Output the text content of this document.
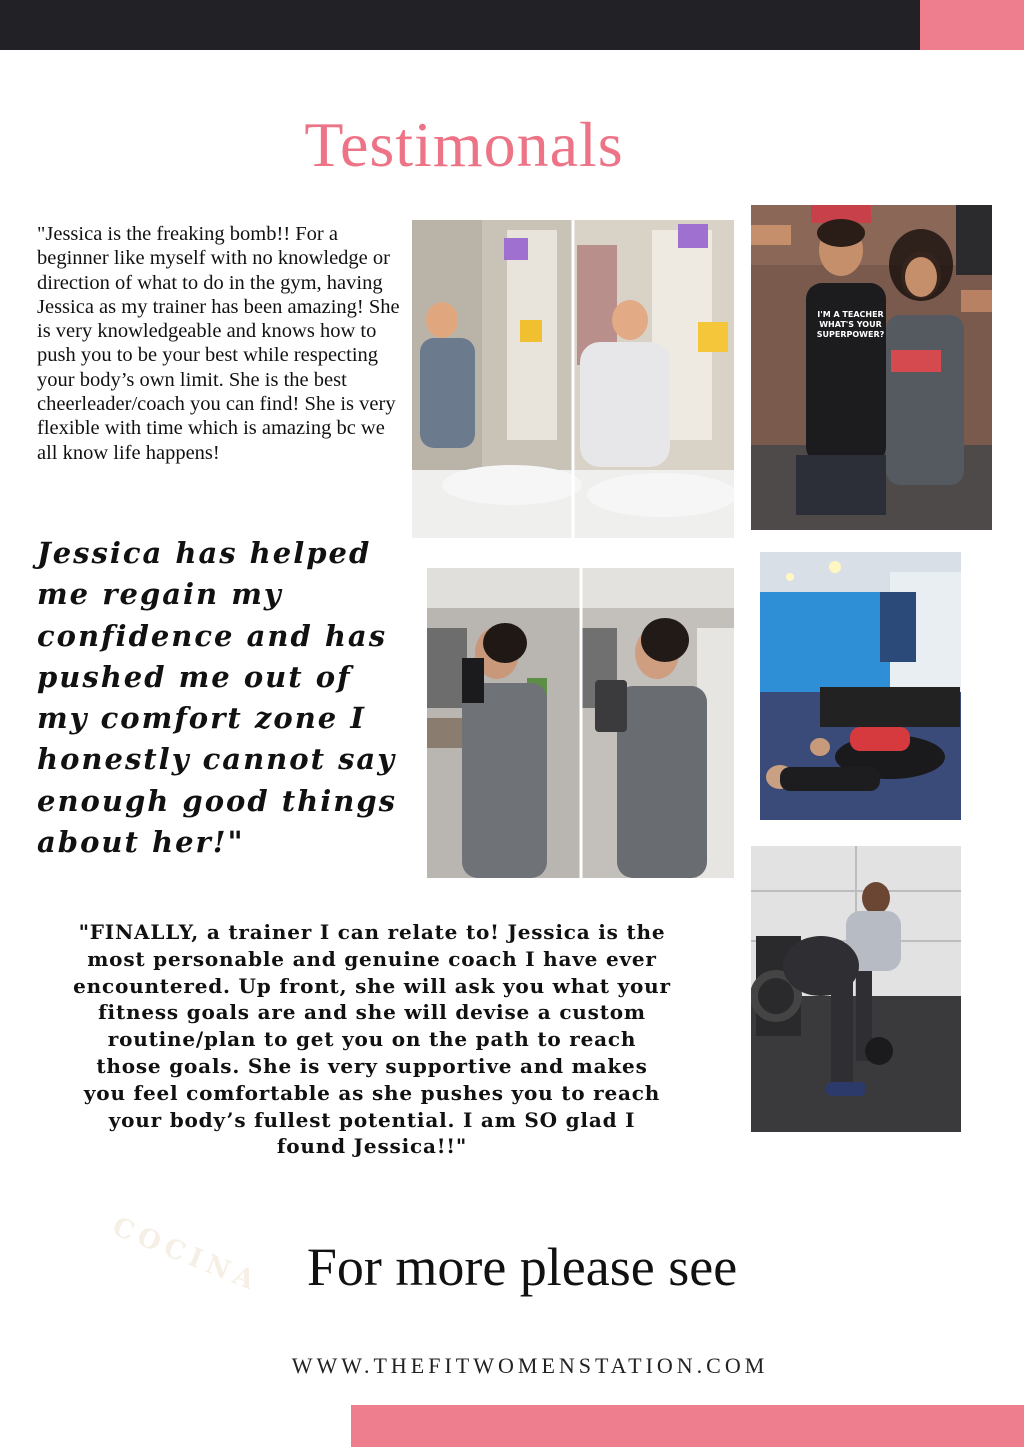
Testimonals
"Jessica is the freaking bomb!! For a beginner like myself with no knowledge or direction of what to do in the gym, having Jessica as my trainer has been amazing! She is very knowledgeable and knows how to push you to be your best while respecting your body’s own limit. She is the best cheerleader/coach you can find! She is very flexible with time which is amazing bc we all know life happens!
I'M A TEACHER WHAT'S YOUR SUPERPOWER?
Jessica has helped me regain my confidence and has pushed me out of my comfort zone I honestly cannot say enough good things about her!"
"FINALLY, a trainer I can relate to! Jessica is the most personable and genuine coach I have ever encountered. Up front, she will ask you what your fitness goals are and she will devise a custom routine/plan to get you on the path to reach those goals. She is very supportive and makes you feel comfortable as she pushes you to reach your body’s fullest potential. I am SO glad I found Jessica!!"
COCINA For more please see
WWW.THEFITWOMENSTATION.COM
